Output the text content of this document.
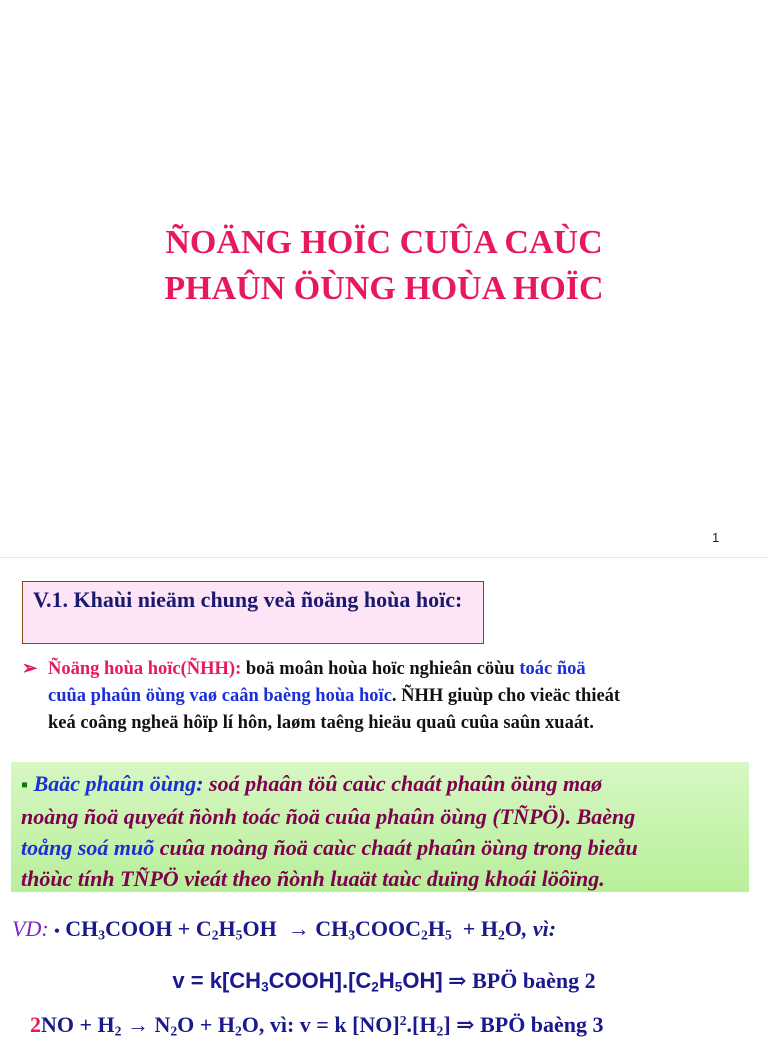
ÑOÄNG HOÏC CUÛA CAÙC
PHAÛN ÖÙNG HOÙA HOÏC
1
V.1. Khaùi nieäm chung veà ñoäng hoùa hoïc:
➢ Ñoäng hoùa hoïc(ÑHH): boä moân hoùa hoïc nghieân cöùu toác ñoä
cuûa phaûn öùng vaø caân baèng hoùa hoïc. ÑHH giuùp cho vieäc thieát
keá coâng ngheä hôïp lí hôn, laøm taêng hieäu quaû cuûa saûn xuaát.
▪ Baäc phaûn öùng: soá phaân töû caùc chaát phaûn öùng maø
noàng ñoä quyeát ñònh toác ñoä cuûa phaûn öùng (TÑPÖ). Baèng
toång soá muõ cuûa noàng ñoä caùc chaát phaûn öùng trong bieåu
thöùc tính TÑPÖ vieát theo ñònh luaät taùc duïng khoái löôïng.
VD: • $CH_3COOH + C_2H_5OH$  → $CH_3COOC_2H_5 + H_2O$, vì:
$v = k[CH_3COOH].[C_2H_5OH]$ ⇒ BPÖ baèng 2
$2NO + H_2 \to N_2O + H_2O$, vì: v = k $[NO]^2.[H_2]$ ⇒ BPÖ baèng 3
